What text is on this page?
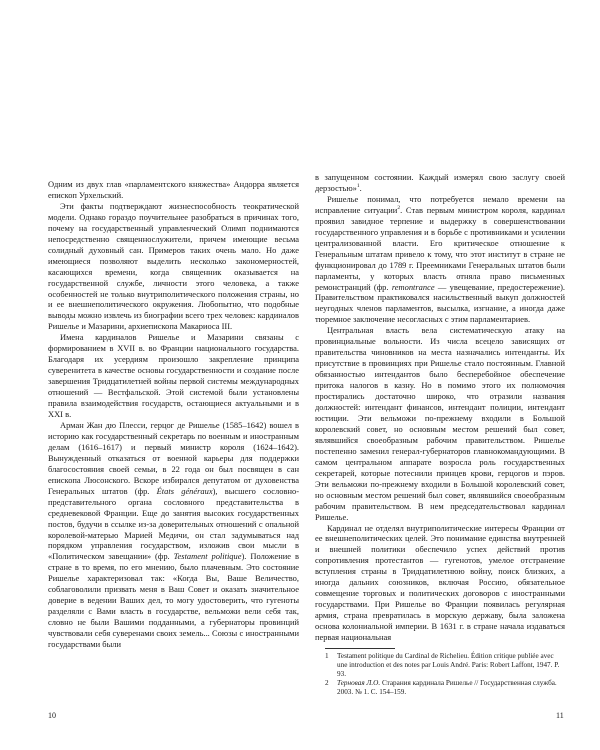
Одним из двух глав «парламентского княжества» Андорра является епископ Урхельский.

Эти факты подтверждают жизнеспособность теократической модели. Однако гораздо поучительнее разобраться в причинах того, почему на государственный управленческий Олимп поднимаются непосредственно священнослужители, причем имеющие весьма солидный духовный сан. Примеров таких очень мало. Но даже имеющиеся позволяют выделить несколько закономерностей, касающихся времени, когда священник оказывается на государственной службе, личности этого человека, а также особенностей не только внутриполитического положения страны, но и ее внешнеполитического окружения. Любопытно, что подобные выводы можно извлечь из биографии всего трех человек: кардиналов Ришелье и Мазарини, архиепископа Макариоса III.

Имена кардиналов Ришелье и Мазарини связаны с формированием в XVII в. во Франции национального государства. Благодаря их усердиям произошло закрепление принципа суверенитета в качестве основы государственности и создание после завершения Тридцатилетней войны первой системы международных отношений — Вестфальской. Этой системой были установлены правила взаимодействия государств, остающиеся актуальными и в XXI в.

Арман Жан дю Плесси, герцог де Ришелье (1585–1642) вошел в историю как государственный секретарь по военным и иностранным делам (1616–1617) и первый министр короля (1624–1642). Вынужденный отказаться от военной карьеры для поддержки благосостояния своей семьи, в 22 года он был посвящен в сан епископа Люсонского. Вскоре избирался депутатом от духовенства Генеральных штатов (фр. États généraux), высшего сословно-представительного органа сословного представительства в средневековой Франции. Еще до занятия высоких государственных постов, будучи в ссылке из-за доверительных отношений с опальной королевой-матерью Марией Медичи, он стал задумываться над порядком управления государством, изложив свои мысли в «Политическом завещании» (фр. Testament politique). Положение в стране в то время, по его мнению, было плачевным. Это состояние Ришелье характеризовал так: «Когда Вы, Ваше Величество, соблаговолили призвать меня в Ваш Совет и оказать значительное доверие в ведении Ваших дел, то могу удостоверить, что гугеноты разделяли с Вами власть в государстве, вельможи вели себя так, словно не были Вашими подданными, а губернаторы провинций чувствовали себя суверенами своих земель... Союзы с иностранными государствами были

в запущенном состоянии. Каждый измерял свою заслугу своей дерзостью»$^1$.

Ришелье понимал, что потребуется немало времени на исправление ситуации$^2$. Став первым министром короля, кардинал проявил завидное терпение и выдержку в совершенствовании государственного управления и в борьбе с противниками и усилении централизованной власти. Его критическое отношение к Генеральным штатам привело к тому, что этот институт в стране не функционировал до 1789 г. Преемниками Генеральных штатов были парламенты, у которых власть отняла право письменных ремонстранций (фр. remontrance — увещевание, предостережение). Правительством практиковался насильственный выкуп должностей неугодных членов парламентов, высылка, изгнание, а иногда даже тюремное заключение несогласных с этим парламентариев.

Центральная власть вела систематическую атаку на провинциальные вольности. Из числа всецело зависящих от правительства чиновников на места назначались интенданты. Их присутствие в провинциях при Ришелье стало постоянным. Главной обязанностью интендантов было бесперебойное обеспечение притока налогов в казну. Но в помимо этого их полномочия простирались достаточно широко, что отразили названия должностей: интендант финансов, интендант полиции, интендант юстиции. Эти вельможи по-прежнему входили в Большой королевский совет, но основным местом решений был совет, являвшийся своеобразным рабочим правительством. Ришелье постепенно заменил генерал-губернаторов главнокомандующими. В самом центральном аппарате возросла роль государственных секретарей, которые потеснили принцев крови, герцогов и пэров. Эти вельможи по-прежнему входили в Большой королевский совет, но основным местом решений был совет, являвшийся своеобразным рабочим правительством. В нем председательствовал кардинал Ришелье.

Кардинал не отделял внутриполитические интересы Франции от ее внешнеполитических целей. Это понимание единства внутренней и внешней политики обеспечило успех действий против сопротивления протестантов — гугенотов, умелое отстранение вступления страны в Тридцатилетнюю войну, поиск близких, а иногда дальних союзников, включая Россию, обязательное совмещение торговых и политических договоров с иностранными государствами. При Ришелье во Франции появилась регулярная армия, страна превратилась в морскую державу, была заложена основа колониальной империи. В 1631 г. в стране начала издаваться первая национальная

1	Testament politique du Cardinal de Richelieu. Édition critique publiée avec une introduction et des notes par Louis André. Paris: Robert Laffont, 1947. P. 93.
2	Терновая Л.О. Старания кардинала Ришелье // Государственная служба. 2003. № 1. С. 154–159.
10	11
